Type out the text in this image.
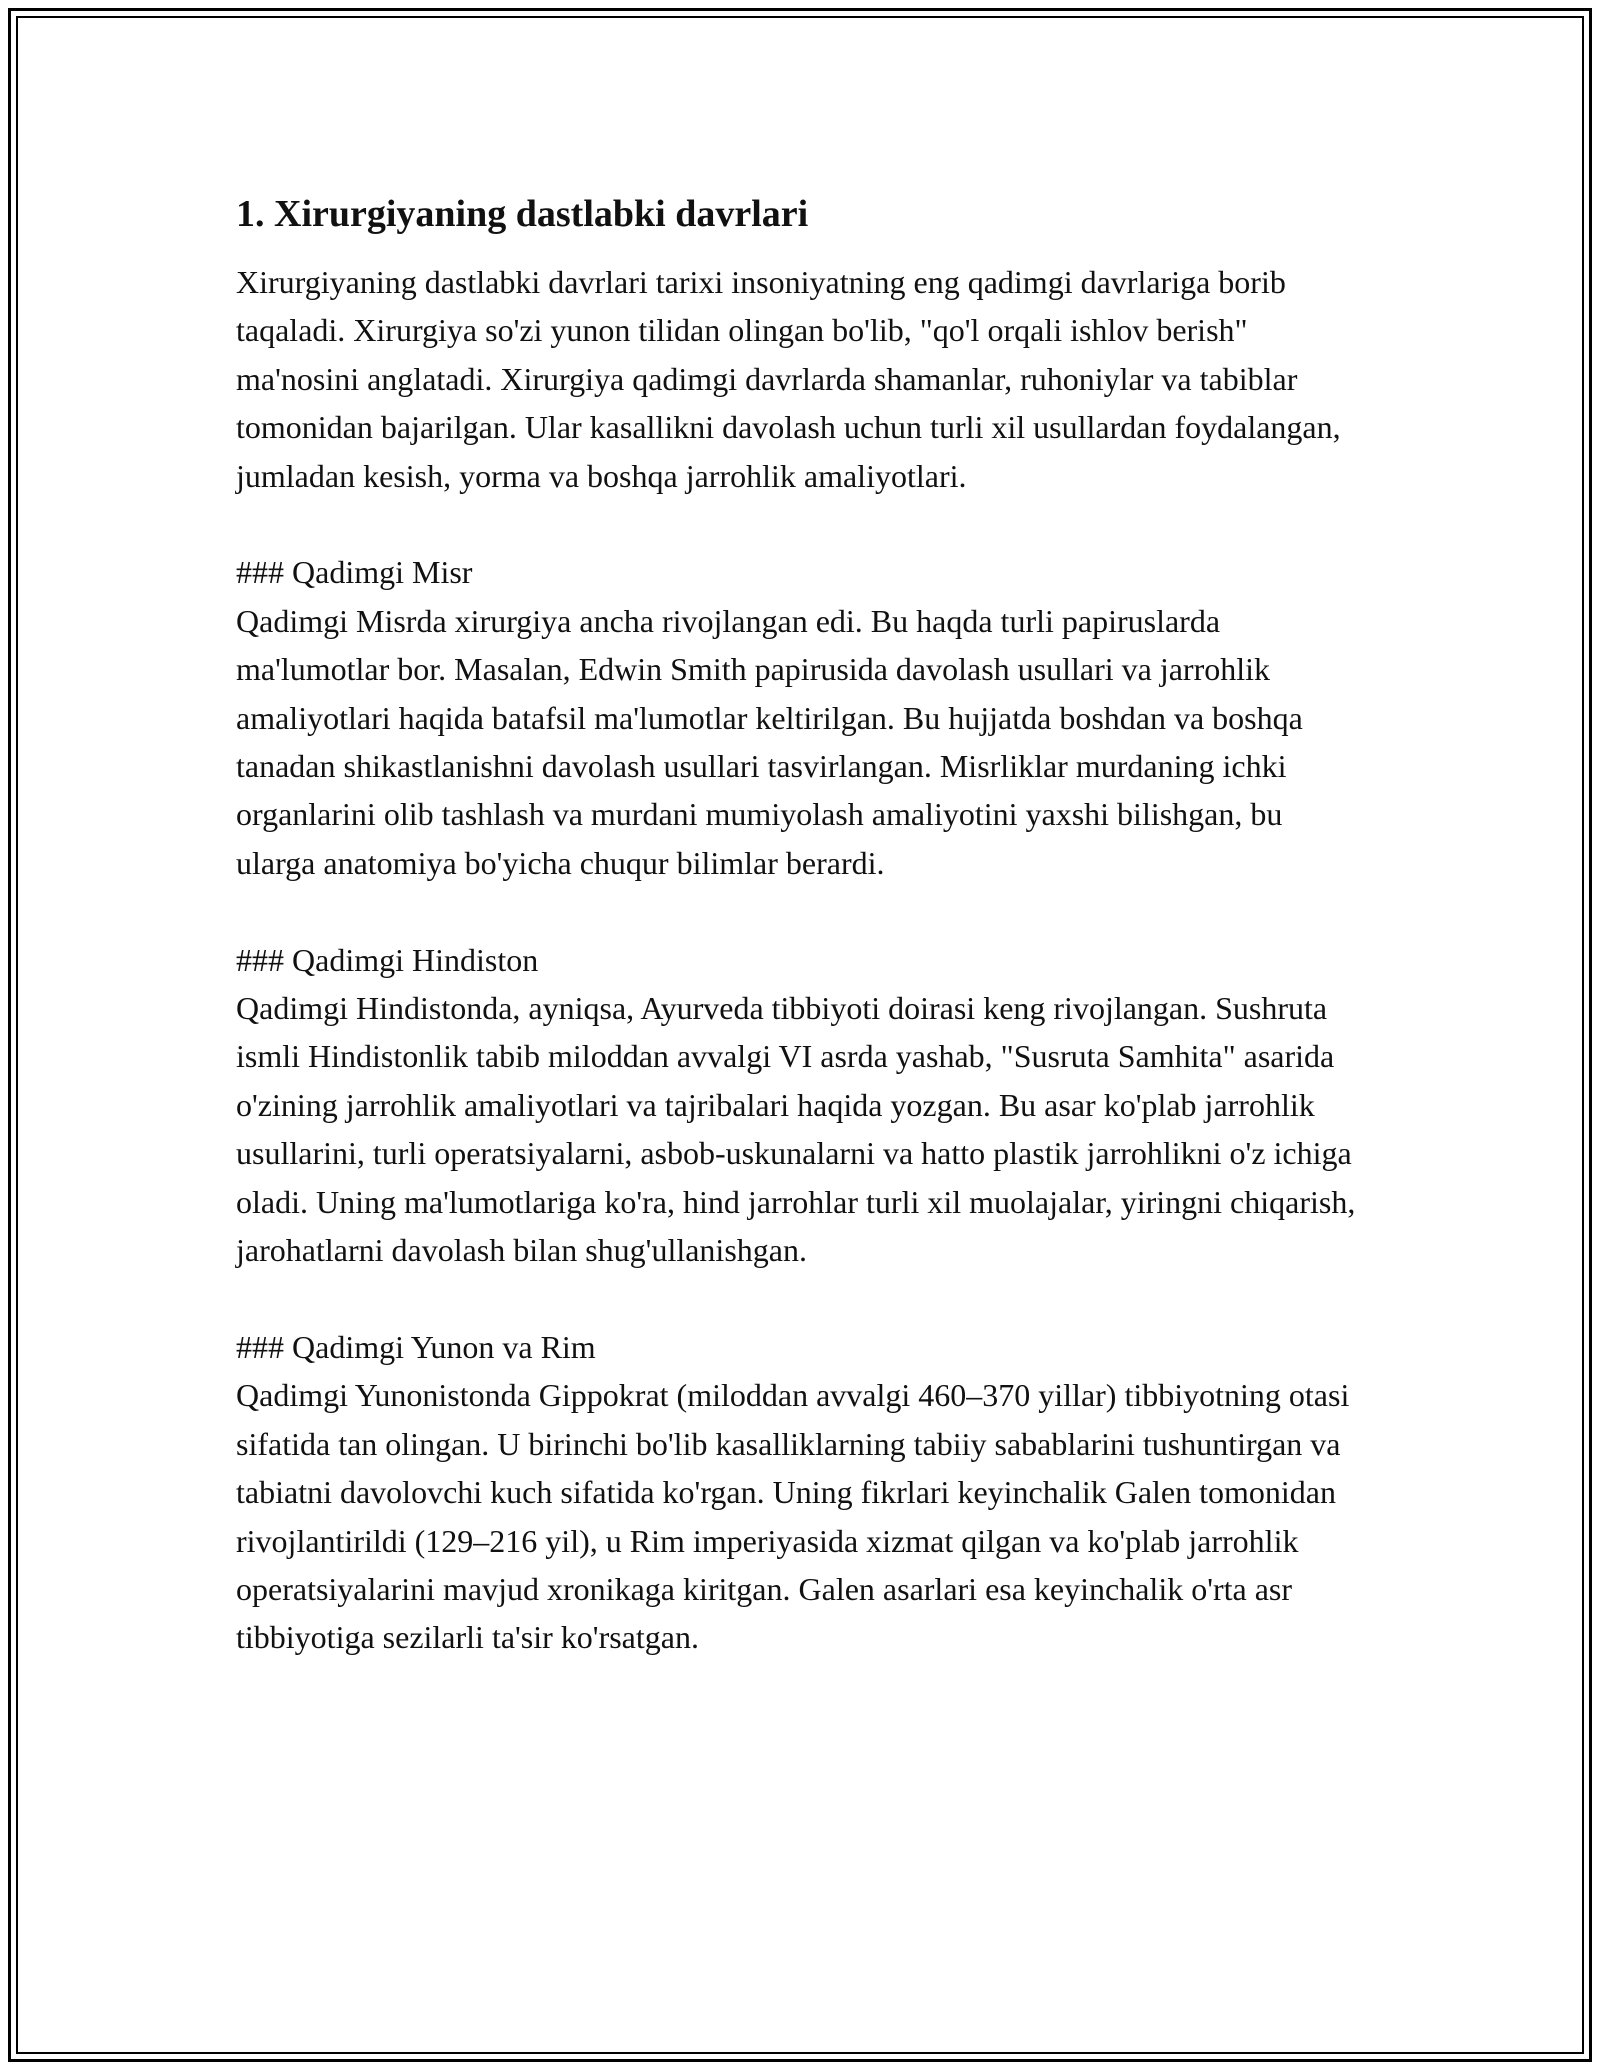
1. Xirurgiyaning dastlabki davrlari

Xirurgiyaning dastlabki davrlari tarixi insoniyatning eng qadimgi davrlariga borib taqaladi. Xirurgiya so'zi yunon tilidan olingan bo'lib, "qo'l orqali ishlov berish" ma'nosini anglatadi. Xirurgiya qadimgi davrlarda shamanlar, ruhoniylar va tabiblar tomonidan bajarilgan. Ular kasallikni davolash uchun turli xil usullardan foydalangan, jumladan kesish, yorma va boshqa jarrohlik amaliyotlari.

### Qadimgi Misr

Qadimgi Misrda xirurgiya ancha rivojlangan edi. Bu haqda turli papiruslarda ma'lumotlar bor. Masalan, Edwin Smith papirusida davolash usullari va jarrohlik amaliyotlari haqida batafsil ma'lumotlar keltirilgan. Bu hujjatda boshdan va boshqa tanadan shikastlanishni davolash usullari tasvirlangan. Misrliklar murdaning ichki organlarini olib tashlash va murdani mumiyolash amaliyotini yaxshi bilishgan, bu ularga anatomiya bo'yicha chuqur bilimlar berardi.

### Qadimgi Hindiston

Qadimgi Hindistonda, ayniqsa, Ayurveda tibbiyoti doirasi keng rivojlangan. Sushruta ismli Hindistonlik tabib miloddan avvalgi VI asrda yashab, "Susruta Samhita" asarida o'zining jarrohlik amaliyotlari va tajribalari haqida yozgan. Bu asar ko'plab jarrohlik usullarini, turli operatsiyalarni, asbob-uskunalarni va hatto plastik jarrohlikni o'z ichiga oladi. Uning ma'lumotlariga ko'ra, hind jarrohlar turli xil muolajalar, yiringni chiqarish, jarohatlarni davolash bilan shug'ullanishgan.

### Qadimgi Yunon va Rim

Qadimgi Yunonistonda Gippokrat (miloddan avvalgi 460–370 yillar) tibbiyotning otasi sifatida tan olingan. U birinchi bo'lib kasalliklarning tabiiy sabablarini tushuntirgan va tabiatni davolovchi kuch sifatida ko'rgan. Uning fikrlari keyinchalik Galen tomonidan rivojlantirildi (129–216 yil), u Rim imperiyasida xizmat qilgan va ko'plab jarrohlik operatsiyalarini mavjud xronikaga kiritgan. Galen asarlari esa keyinchalik o'rta asr tibbiyotiga sezilarli ta'sir ko'rsatgan.
